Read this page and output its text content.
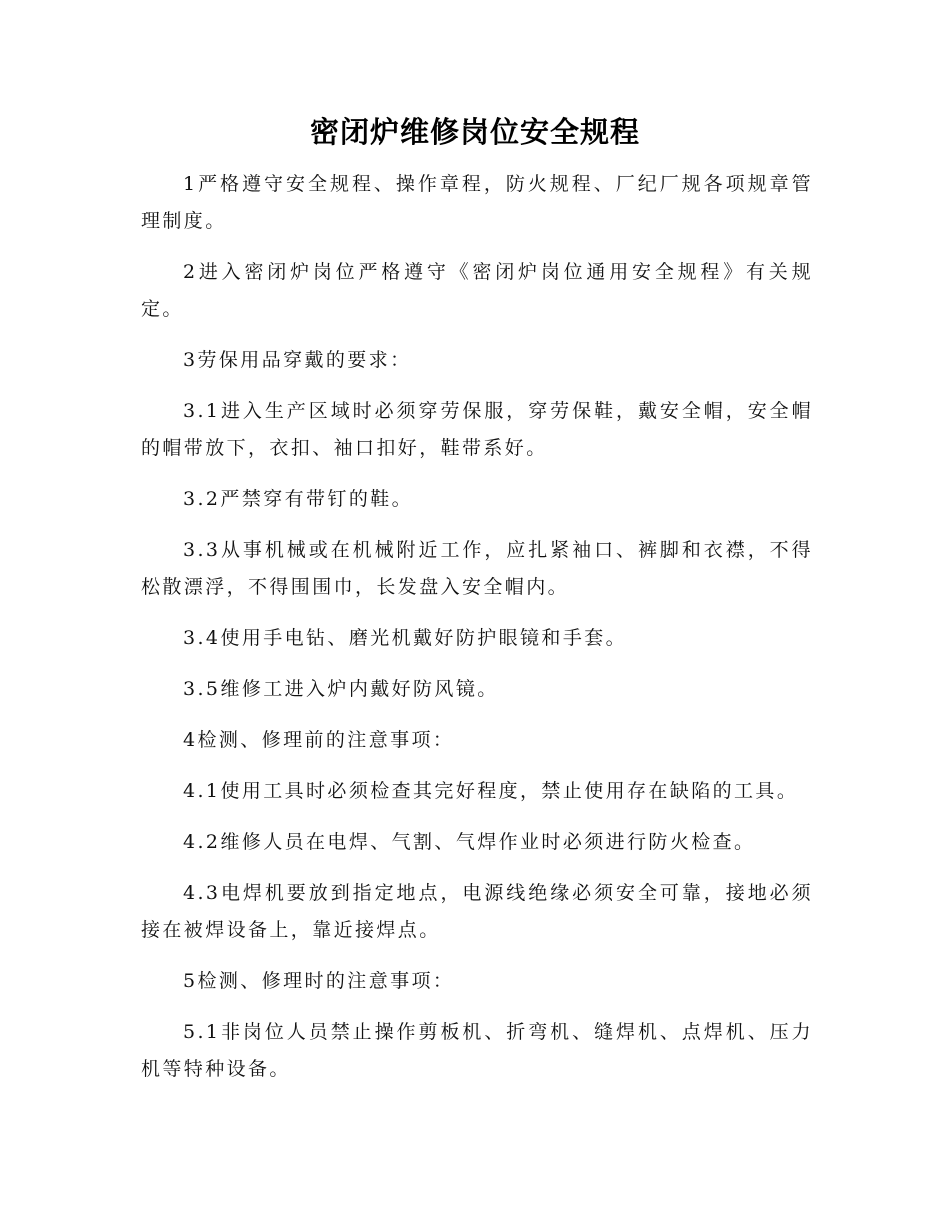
密闭炉维修岗位安全规程

1严格遵守安全规程、操作章程，防火规程、厂纪厂规各项规章管理制度。

2进入密闭炉岗位严格遵守《密闭炉岗位通用安全规程》有关规定。

3劳保用品穿戴的要求：

3.1进入生产区域时必须穿劳保服，穿劳保鞋，戴安全帽，安全帽的帽带放下，衣扣、袖口扣好，鞋带系好。

3.2严禁穿有带钉的鞋。

3.3从事机械或在机械附近工作，应扎紧袖口、裤脚和衣襟，不得松散漂浮，不得围围巾，长发盘入安全帽内。

3.4使用手电钻、磨光机戴好防护眼镜和手套。

3.5维修工进入炉内戴好防风镜。

4检测、修理前的注意事项：

4.1使用工具时必须检查其完好程度，禁止使用存在缺陷的工具。

4.2维修人员在电焊、气割、气焊作业时必须进行防火检查。

4.3电焊机要放到指定地点，电源线绝缘必须安全可靠，接地必须接在被焊设备上，靠近接焊点。

5检测、修理时的注意事项：

5.1非岗位人员禁止操作剪板机、折弯机、缝焊机、点焊机、压力机等特种设备。
